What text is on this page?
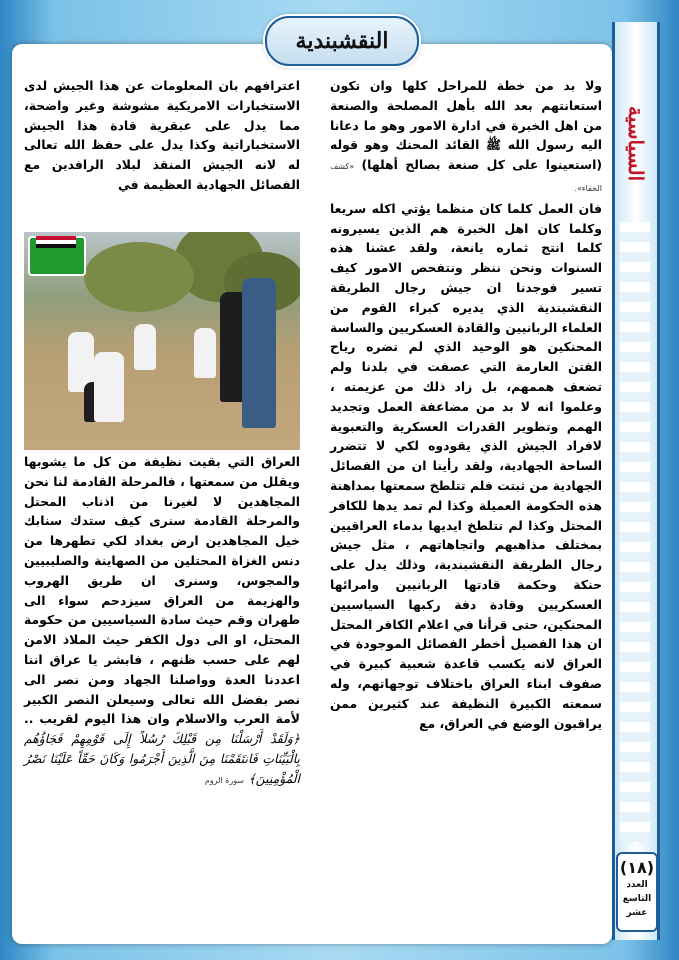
النقشبندية
السياسية
(١٨)
العدد
التاسع
عشر

ولا بد من خطة للمراحل كلها وان تكون استعانتهم بعد الله بأهل المصلحة والصنعة من اهل الخبرة في ادارة الامور وهو ما دعانا اليه رسول الله ﷺ القائد المحنك وهو قوله (استعينوا على كل صنعة بصالح أهلها) «كشف الخفاء».

فان العمل كلما كان منظما يؤتي اكله سريعا وكلما كان اهل الخبرة هم الذين يسيرونه كلما انتج ثماره يانعة، ولقد عشنا هذه السنوات ونحن ننظر ونتفحص الامور كيف تسير فوجدنا ان جيش رجال الطريقة النقشبندية الذي يديره كبراء القوم من العلماء الربانيين والقادة العسكريين والساسة المحنكين هو الوحيد الذي لم تضره رياح الفتن العارمة التي عصفت في بلدنا ولم تضعف هممهم، بل زاد ذلك من عزيمته ، وعلموا انه لا بد من مضاعفة العمل وتجديد الهمم وتطوير القدرات العسكرية والتعبوية لافراد الجيش الذي يقودوه لكي لا تتضرر الساحة الجهادية، ولقد رأينا ان من الفصائل الجهادية من ثبتت فلم تتلطخ سمعتها بمداهنة هذه الحكومة العميلة وكذا لم تمد يدها للكافر المحتل وكذا لم تتلطخ ايديها بدماء العراقيين بمختلف مذاهبهم واتجاهاتهم ، مثل جيش رجال الطريقة النقشبندية، وذلك يدل على حنكة وحكمة قادتها الربانيين وامرائها العسكريين وقادة دفة ركبها السياسيين المحنكين، حتى قرأنا في اعلام الكافر المحتل ان هذا الفصيل أخطر الفصائل الموجودة في العراق لانه يكسب قاعدة شعبية كبيرة في صفوف ابناء العراق باختلاف توجهاتهم، وله سمعته الكبيرة النظيفة عند كثيرين ممن يراقبون الوضع في العراق، مع

اعترافهم بان المعلومات عن هذا الجيش لدى الاستخبارات الامريكية مشوشة وغير واضحة، مما يدل على عبقرية قادة هذا الجيش الاستخباراتية وكذا يدل على حفظ الله تعالى له لانه الجيش المنقذ لبلاد الرافدين مع الفصائل الجهادية العظيمة في

العراق التي بقيت نظيفة من كل ما يشوبها ويقلل من سمعتها ، فالمرحلة القادمة لنا نحن المجاهدين لا لغيرنا من اذناب المحتل والمرحلة القادمة سنرى كيف ستدك سنابك خيل المجاهدين ارض بغداد لكي تطهرها من دنس الغزاة المحتلين من الصهاينة والصليبيين والمجوس، وسنرى ان طريق الهروب والهزيمة من العراق سيزدحم سواء الى طهران وقم حيث سادة السياسيين من حكومة المحتل، او الى دول الكفر حيث الملاذ الامن لهم على حسب ظنهم ، فابشر يا عراق اننا اعددنا العدة وواصلنا الجهاد ومن نصر الى نصر بفضل الله تعالى وسيعلن النصر الكبير لأمة العرب والاسلام وان هذا اليوم لقريب .. ﴿وَلَقَدْ أَرْسَلْنَا مِن قَبْلِكَ رُسُلاً إِلَى قَوْمِهِمْ فَجَاؤُهُم بِالْبَيِّنَاتِ فَانتَقَمْنَا مِنَ الَّذِينَ أَجْرَمُوا وَكَانَ حَقّاً عَلَيْنَا نَصْرُ الْمُؤْمِنِينَ﴾ سورة الروم
